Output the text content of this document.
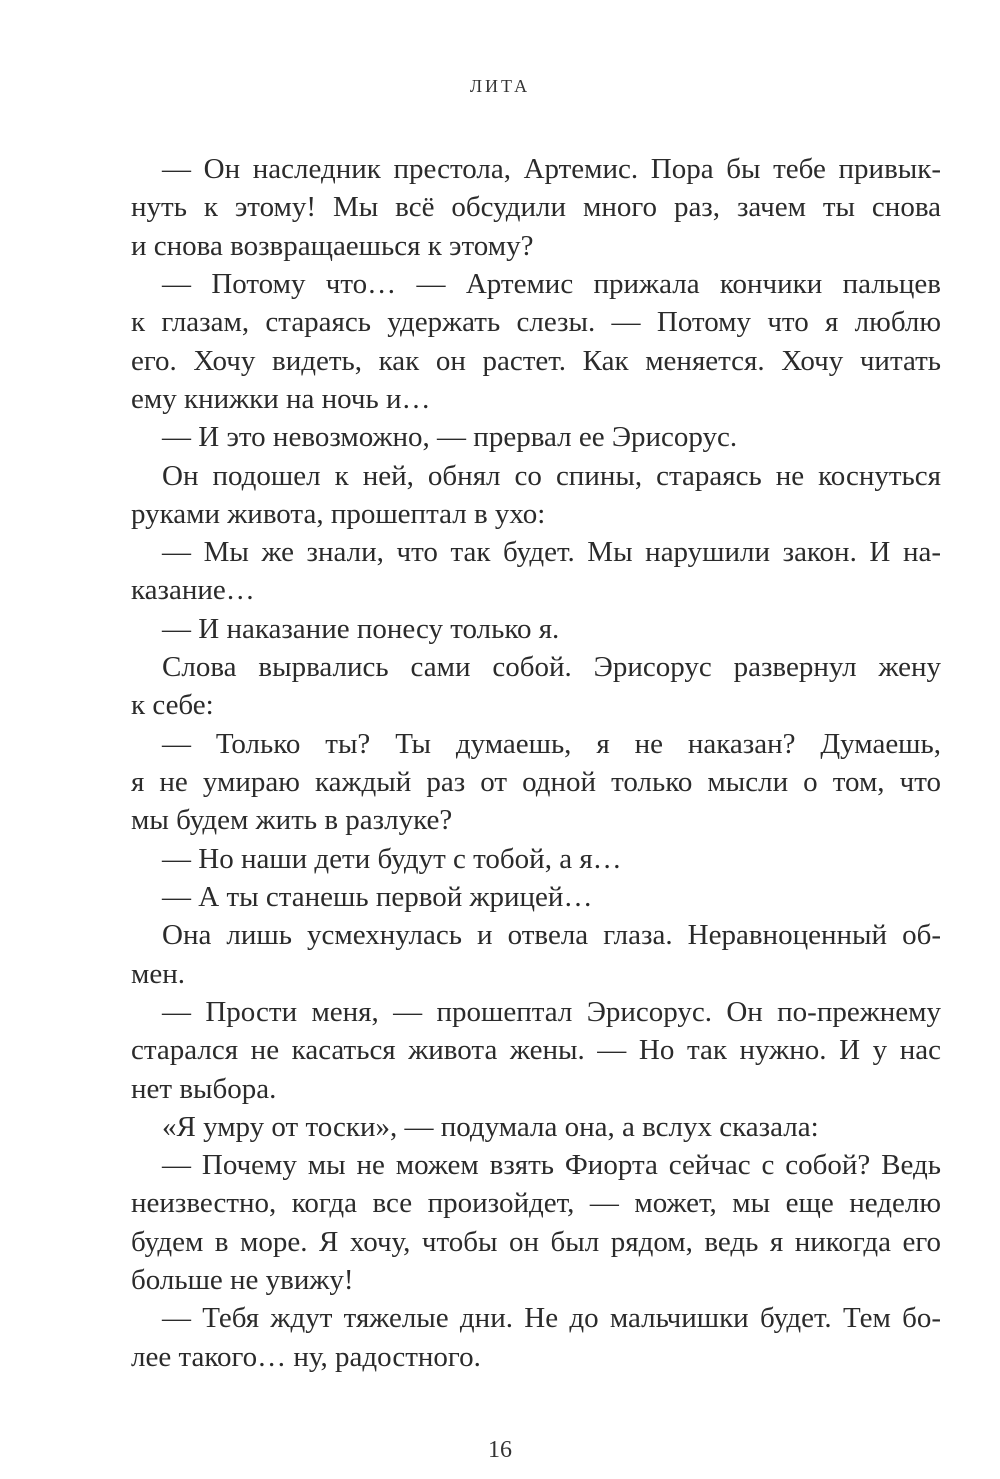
ЛИТА
— Он наследник престола, Артемис. Пора бы тебе привык-
нуть к этому! Мы всё обсудили много раз, зачем ты снова
и снова возвращаешься к этому?
— Потому что… — Артемис прижала кончики пальцев
к глазам, стараясь удержать слезы. — Потому что я люблю
его. Хочу видеть, как он растет. Как меняется. Хочу читать
ему книжки на ночь и…
— И это невозможно, — прервал ее Эрисорус.
Он подошел к ней, обнял со спины, стараясь не коснуться
руками живота, прошептал в ухо:
— Мы же знали, что так будет. Мы нарушили закон. И на-
казание…
— И наказание понесу только я.
Слова вырвались сами собой. Эрисорус развернул жену
к себе:
— Только ты? Ты думаешь, я не наказан? Думаешь,
я не умираю каждый раз от одной только мысли о том, что
мы будем жить в разлуке?
— Но наши дети будут с тобой, а я…
— А ты станешь первой жрицей…
Она лишь усмехнулась и отвела глаза. Неравноценный об-
мен.
— Прости меня, — прошептал Эрисорус. Он по-прежнему
старался не касаться живота жены. — Но так нужно. И у нас
нет выбора.
«Я умру от тоски», — подумала она, а вслух сказала:
— Почему мы не можем взять Фиорта сейчас с собой? Ведь
неизвестно, когда все произойдет, — может, мы еще неделю
будем в море. Я хочу, чтобы он был рядом, ведь я никогда его
больше не увижу!
— Тебя ждут тяжелые дни. Не до мальчишки будет. Тем бо-
лее такого… ну, радостного.
16
